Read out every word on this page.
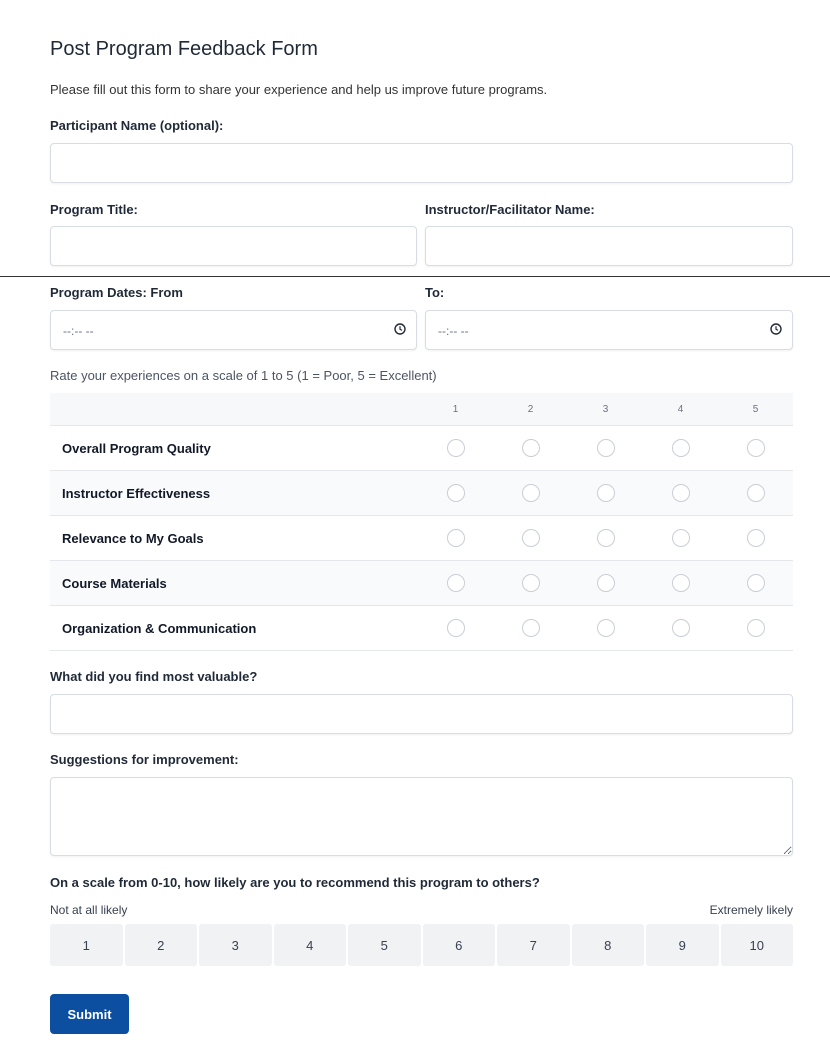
Post Program Feedback Form
Please fill out this form to share your experience and help us improve future programs.
Participant Name (optional):
Program Title:	Instructor/Facilitator Name:
Program Dates: From
--:-- --
To:
--:-- --
Rate your experiences on a scale of 1 to 5 (1 = Poor, 5 = Excellent)
	1	2	3	4	5
Overall Program Quality					
Instructor Effectiveness					
Relevance to My Goals					
Course Materials					
Organization & Communication					
What did you find most valuable?
Suggestions for improvement:
On a scale from 0-10, how likely are you to recommend this program to others?
Not at all likely	Extremely likely
1	2	3	4	5	6	7	8	9	10
Submit
